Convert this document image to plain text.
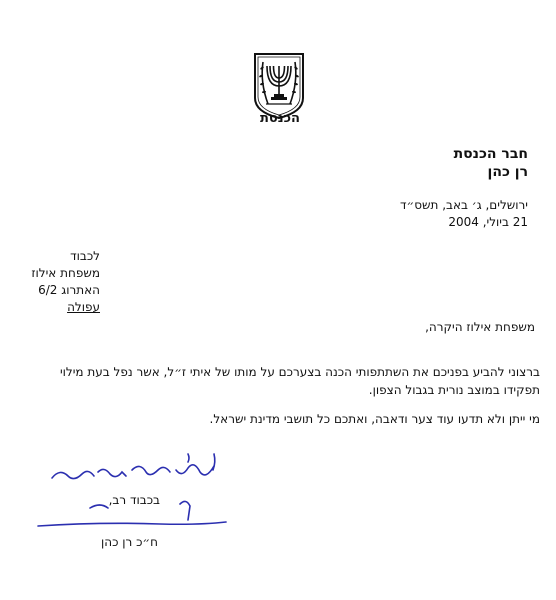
הכנסת
חבר הכנסת
רן כהן
ירושלים, ג׳ באב, תשס״ד
21 ביולי, 2004
לכבוד
משפחת אילוז
האתרוג 6/2
עפולה
משפחת אילוז היקרה,
ברצוני להביע בפניכם את השתתפותי הכנה בצערכם על מותו של איתי ז״ל, אשר נפל בעת מילוי
תפקידו במוצב נורית בגבול הצפון.
מי ייתן ולא תדעו עוד צער ודאבה, ואתכם כל תושבי מדינת ישראל.
בכבוד רב,
ח״כ רן כהן
